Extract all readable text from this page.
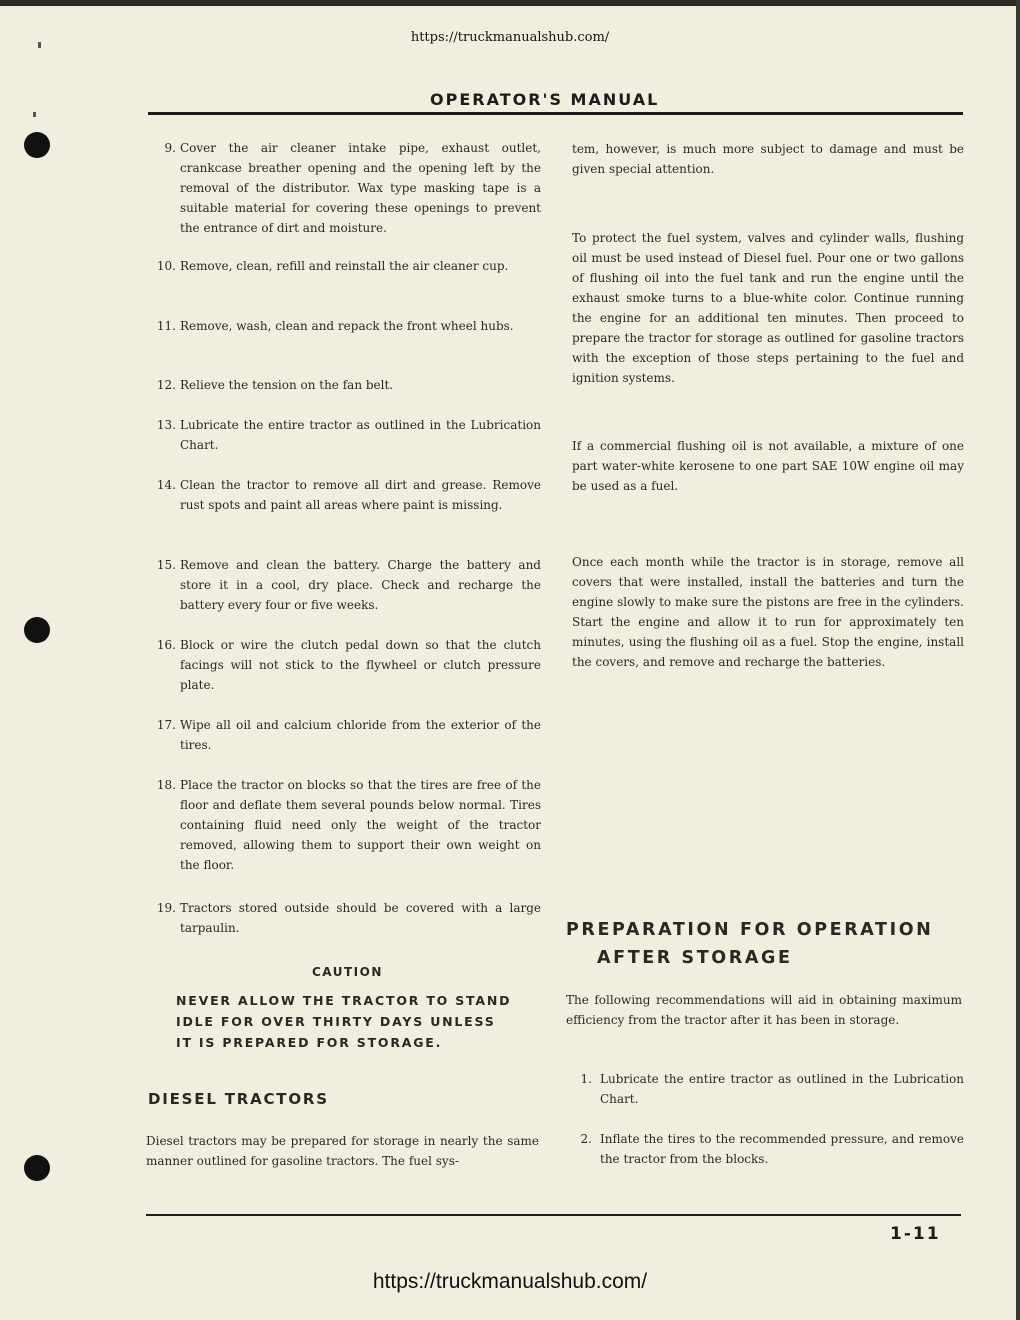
https://truckmanualshub.com/
OPERATOR'S MANUAL
9. Cover the air cleaner intake pipe, exhaust outlet, crankcase breather opening and the opening left by the removal of the distributor. Wax type masking tape is a suitable material for covering these openings to prevent the entrance of dirt and moisture.
10. Remove, clean, refill and reinstall the air cleaner cup.
11. Remove, wash, clean and repack the front wheel hubs.
12. Relieve the tension on the fan belt.
13. Lubricate the entire tractor as outlined in the Lubrication Chart.
14. Clean the tractor to remove all dirt and grease. Remove rust spots and paint all areas where paint is missing.
15. Remove and clean the battery. Charge the battery and store it in a cool, dry place. Check and recharge the battery every four or five weeks.
16. Block or wire the clutch pedal down so that the clutch facings will not stick to the flywheel or clutch pressure plate.
17. Wipe all oil and calcium chloride from the exterior of the tires.
18. Place the tractor on blocks so that the tires are free of the floor and deflate them several pounds below normal. Tires containing fluid need only the weight of the tractor removed, allowing them to support their own weight on the floor.
19. Tractors stored outside should be covered with a large tarpaulin.
CAUTION
NEVER ALLOW THE TRACTOR TO STAND
IDLE FOR OVER THIRTY DAYS UNLESS
IT IS PREPARED FOR STORAGE.
DIESEL TRACTORS
Diesel tractors may be prepared for storage in nearly the same manner outlined for gasoline tractors. The fuel sys-
tem, however, is much more subject to damage and must be given special attention.
To protect the fuel system, valves and cylinder walls, flushing oil must be used instead of Diesel fuel. Pour one or two gallons of flushing oil into the fuel tank and run the engine until the exhaust smoke turns to a blue-white color. Continue running the engine for an additional ten minutes. Then proceed to prepare the tractor for storage as outlined for gasoline tractors with the exception of those steps pertaining to the fuel and ignition systems.
If a commercial flushing oil is not available, a mixture of one part water-white kerosene to one part SAE 10W engine oil may be used as a fuel.
Once each month while the tractor is in storage, remove all covers that were installed, install the batteries and turn the engine slowly to make sure the pistons are free in the cylinders. Start the engine and allow it to run for approximately ten minutes, using the flushing oil as a fuel. Stop the engine, install the covers, and remove and recharge the batteries.
PREPARATION FOR OPERATION
AFTER STORAGE
The following recommendations will aid in obtaining maximum efficiency from the tractor after it has been in storage.
1. Lubricate the entire tractor as outlined in the Lubrication Chart.
2. Inflate the tires to the recommended pressure, and remove the tractor from the blocks.
1-11
https://truckmanualshub.com/
